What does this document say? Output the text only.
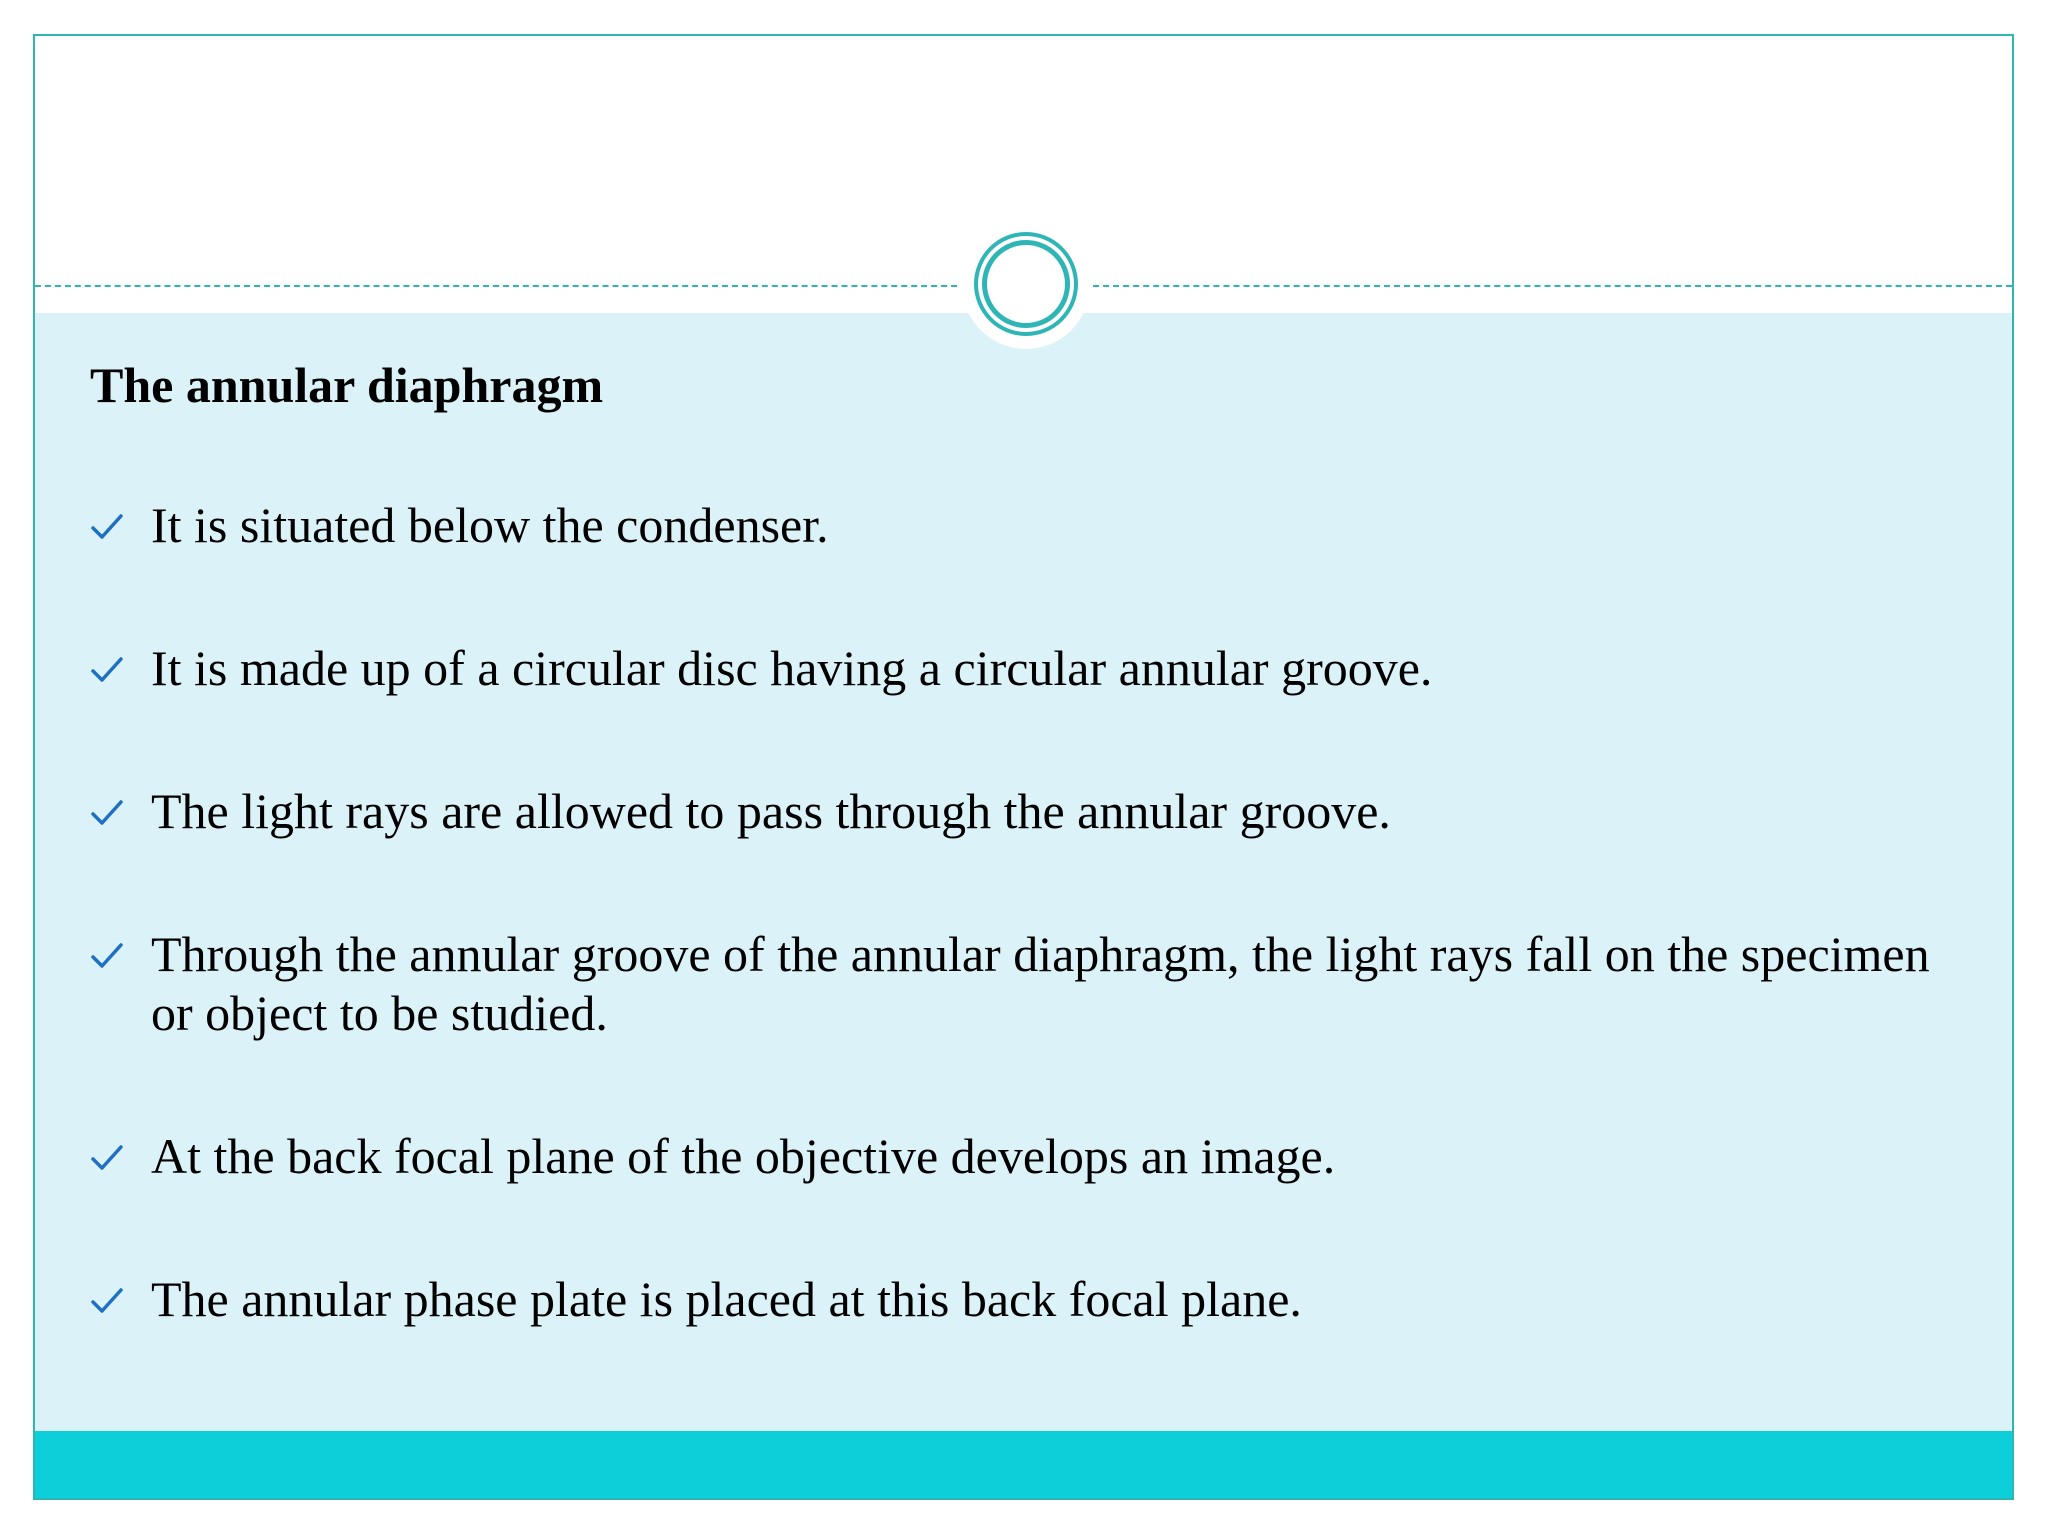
The annular diaphragm
It is situated below the condenser.
It is made up of a circular disc having a circular annular groove.
The light rays are allowed to pass through the annular groove.
Through the annular groove of the annular diaphragm, the light rays fall on the specimen or object to be studied.
At the back focal plane of the objective develops an image.
The annular phase plate is placed at this back focal plane.
